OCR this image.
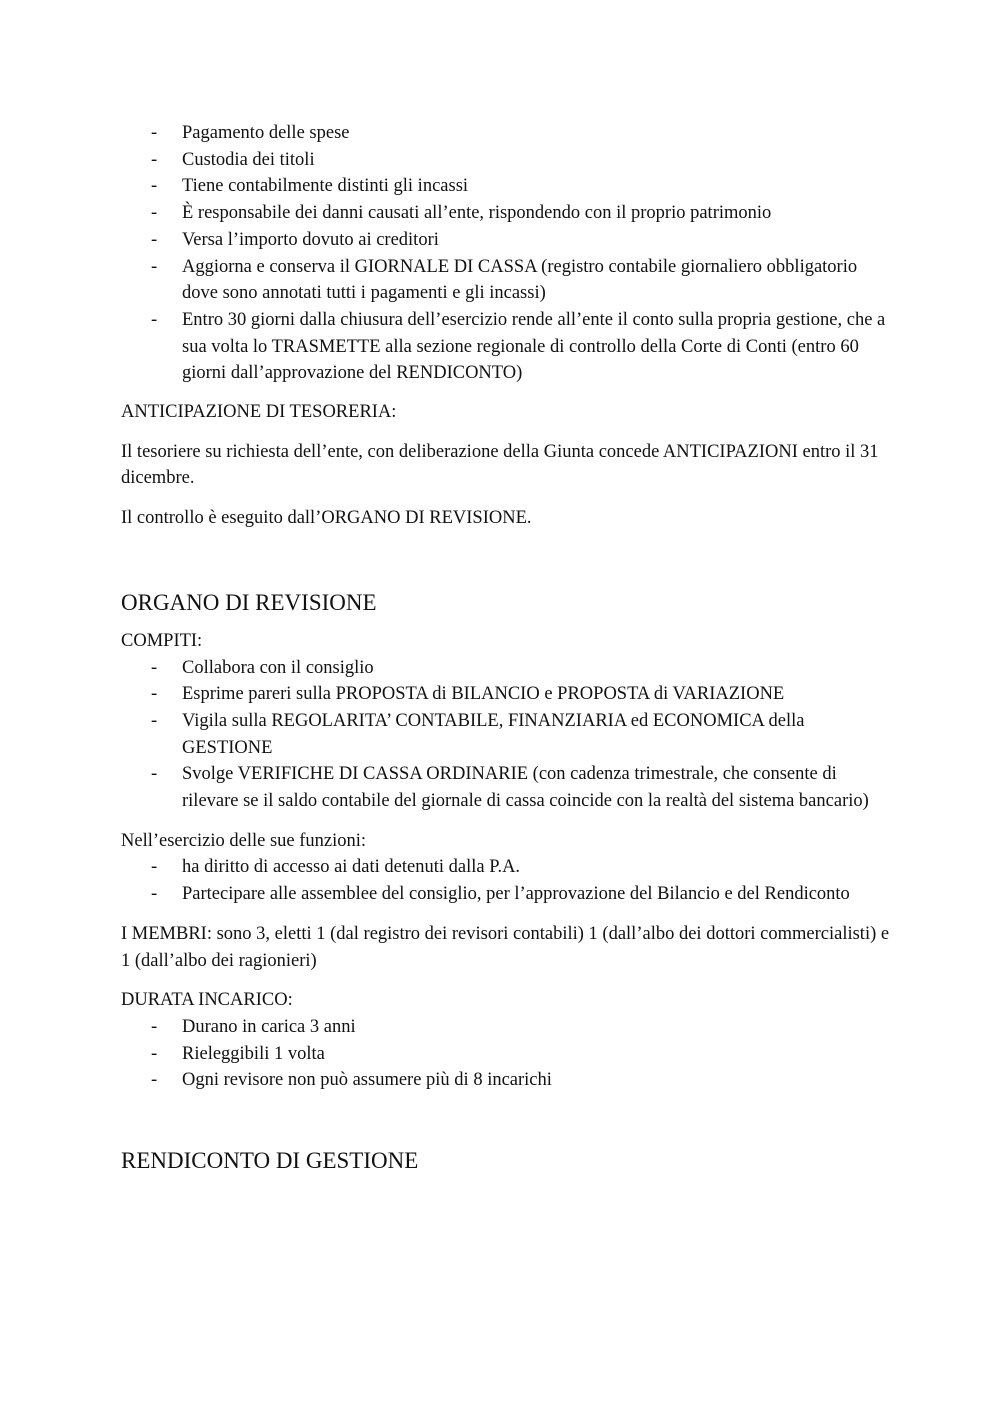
- Pagamento delle spese
- Custodia dei titoli
- Tiene contabilmente distinti gli incassi
- È responsabile dei danni causati all’ente, rispondendo con il proprio patrimonio
- Versa l’importo dovuto ai creditori
- Aggiorna e conserva il GIORNALE DI CASSA (registro contabile giornaliero obbligatorio dove sono annotati tutti i pagamenti e gli incassi)
- Entro 30 giorni dalla chiusura dell’esercizio rende all’ente il conto sulla propria gestione, che a sua volta lo TRASMETTE alla sezione regionale di controllo della Corte di Conti (entro 60 giorni dall’approvazione del RENDICONTO)

ANTICIPAZIONE DI TESORERIA:

Il tesoriere su richiesta dell’ente, con deliberazione della Giunta concede ANTICIPAZIONI entro il 31 dicembre.

Il controllo è eseguito dall’ORGANO DI REVISIONE.

ORGANO DI REVISIONE

COMPITI:

- Collabora con il consiglio
- Esprime pareri sulla PROPOSTA di BILANCIO e PROPOSTA di VARIAZIONE
- Vigila sulla REGOLARITA’ CONTABILE, FINANZIARIA ed ECONOMICA della GESTIONE
- Svolge VERIFICHE DI CASSA ORDINARIE (con cadenza trimestrale, che consente di rilevare se il saldo contabile del giornale di cassa coincide con la realtà del sistema bancario)

Nell’esercizio delle sue funzioni:

- ha diritto di accesso ai dati detenuti dalla P.A.
- Partecipare alle assemblee del consiglio, per l’approvazione del Bilancio e del Rendiconto

I MEMBRI: sono 3, eletti 1 (dal registro dei revisori contabili) 1 (dall’albo dei dottori commercialisti) e 1 (dall’albo dei ragionieri)

DURATA INCARICO:

- Durano in carica 3 anni
- Rieleggibili 1 volta
- Ogni revisore non può assumere più di 8 incarichi
RENDICONTO DI GESTIONE
